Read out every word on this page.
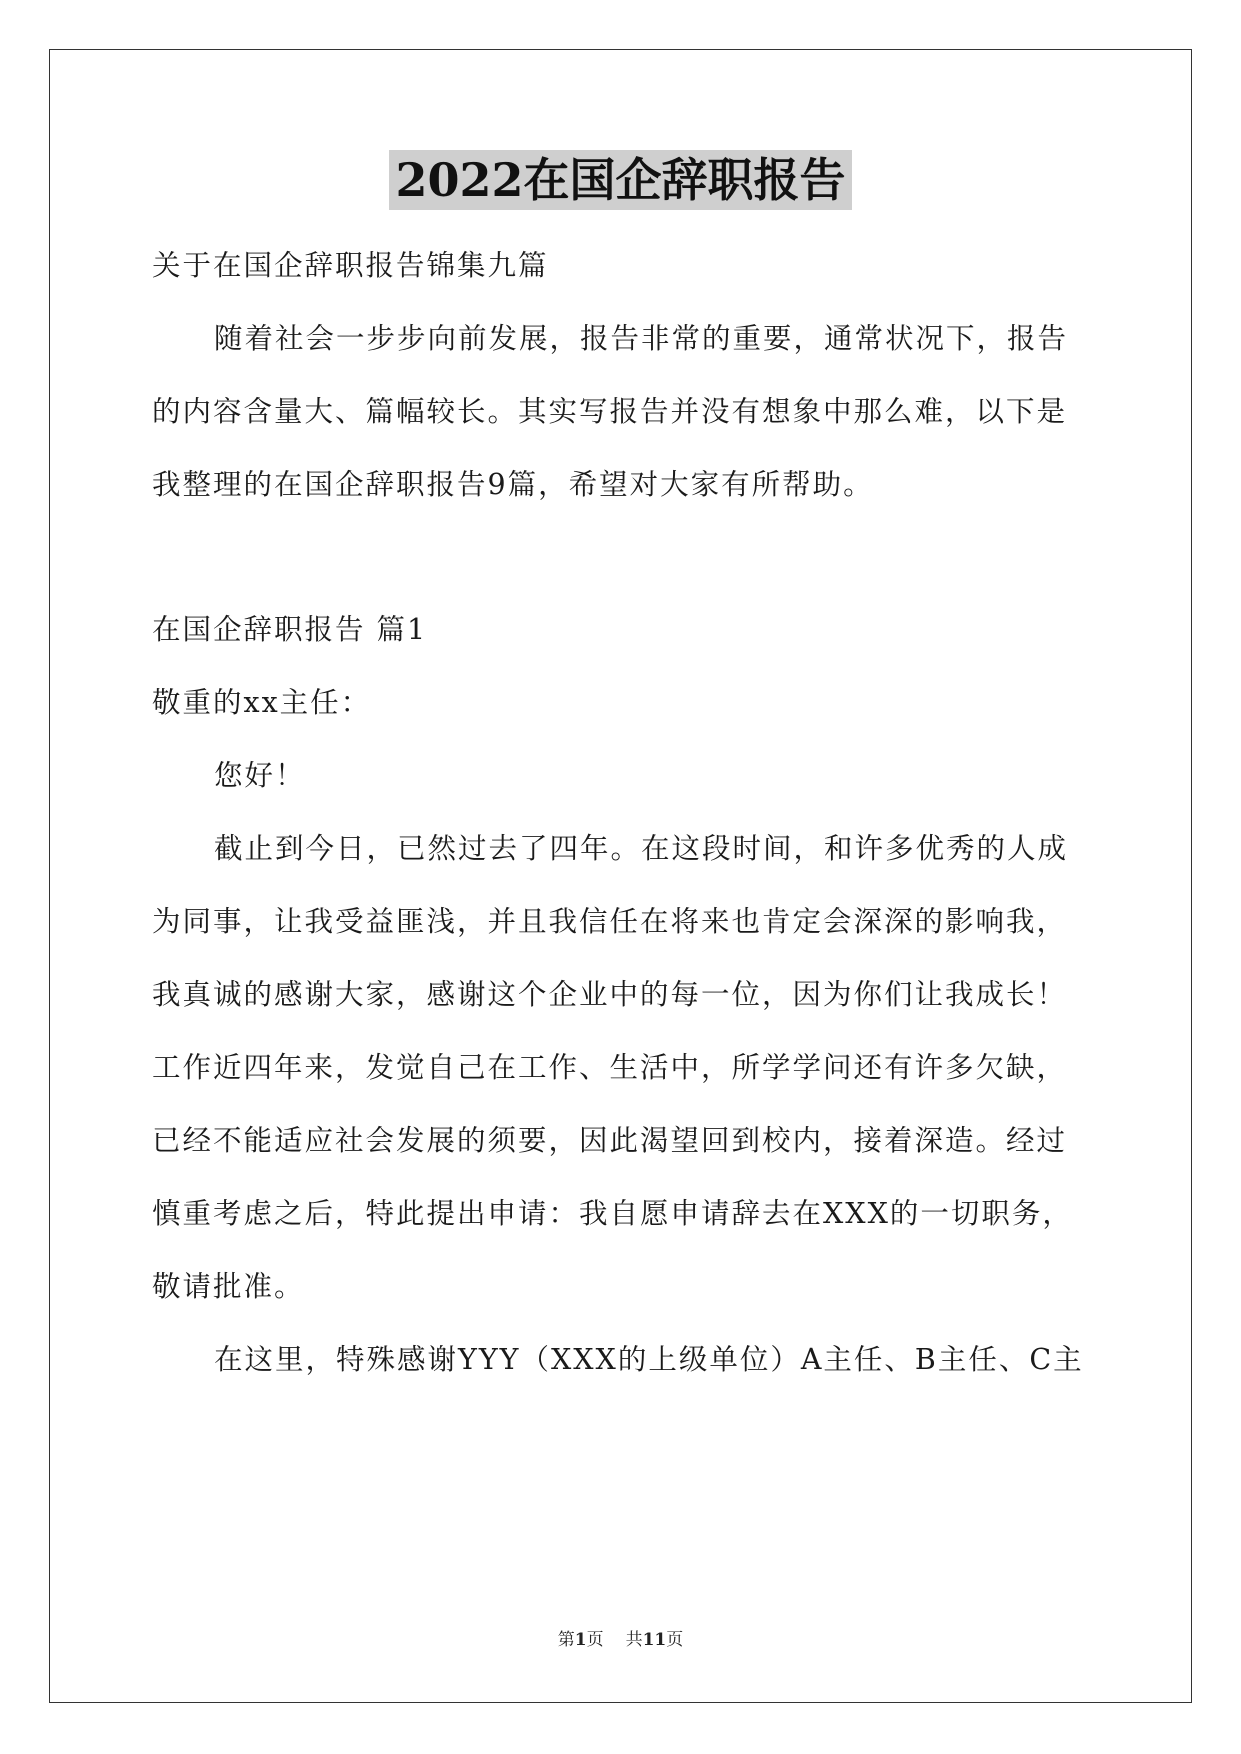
2022在国企辞职报告
关于在国企辞职报告锦集九篇
随着社会一步步向前发展，报告非常的重要，通常状况下，报告
的内容含量大、篇幅较长。其实写报告并没有想象中那么难，以下是
我整理的在国企辞职报告9篇，希望对大家有所帮助。
在国企辞职报告 篇1
敬重的xx主任：
您好！
截止到今日，已然过去了四年。在这段时间，和许多优秀的人成
为同事，让我受益匪浅，并且我信任在将来也肯定会深深的影响我，
我真诚的感谢大家，感谢这个企业中的每一位，因为你们让我成长！
工作近四年来，发觉自己在工作、生活中，所学学问还有许多欠缺，
已经不能适应社会发展的须要，因此渴望回到校内，接着深造。经过
慎重考虑之后，特此提出申请：我自愿申请辞去在XXX的一切职务，
敬请批准。
在这里，特殊感谢YYY（XXX的上级单位）A主任、B主任、C主
第1页 共11页
